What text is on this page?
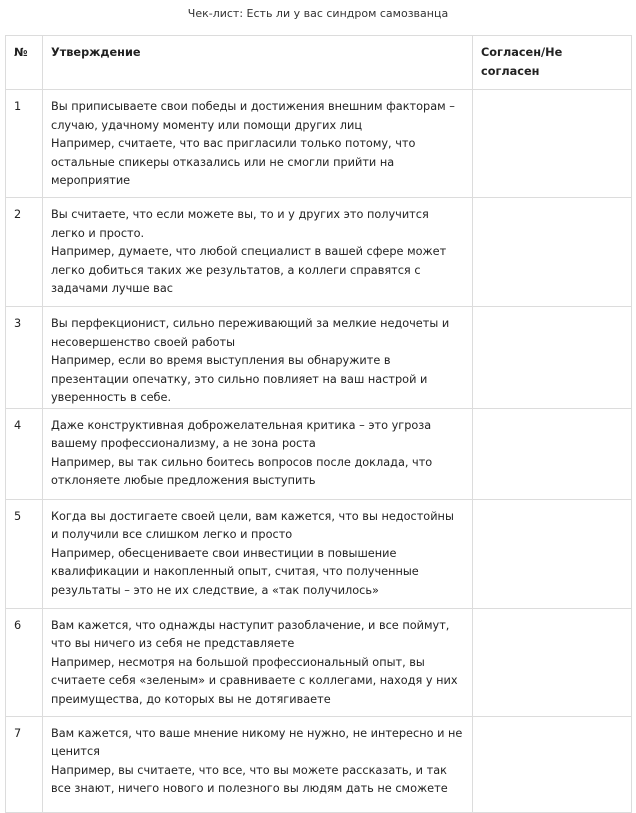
Чек-лист: Есть ли у вас синдром самозванца
№	Утверждение	Согласен/Не согласен
1	Вы приписываете свои победы и достижения внешним факторам – случаю, удачному моменту или помощи других лиц
Например, считаете, что вас пригласили только потому, что остальные спикеры отказались или не смогли прийти на мероприятие	

2	Вы считаете, что если можете вы, то и у других это получится легко и просто.
Например, думаете, что любой специалист в вашей сфере может легко добиться таких же результатов, а коллеги справятся с задачами лучше вас	

3	Вы перфекционист, сильно переживающий за мелкие недочеты и несовершенство своей работы
Например, если во время выступления вы обнаружите в презентации опечатку, это сильно повлияет на ваш настрой и уверенность в себе.	

4	Даже конструктивная доброжелательная критика – это угроза вашему профессионализму, а не зона роста
Например, вы так сильно боитесь вопросов после доклада, что отклоняете любые предложения выступить	

5	Когда вы достигаете своей цели, вам кажется, что вы недостойны и получили все слишком легко и просто
Например, обесцениваете свои инвестиции в повышение квалификации и накопленный опыт, считая, что полученные результаты – это не их следствие, а «так получилось»	

6	Вам кажется, что однажды наступит разоблачение, и все поймут, что вы ничего из себя не представляете
Например, несмотря на большой профессиональный опыт, вы считаете себя «зеленым» и сравниваете с коллегами, находя у них преимущества, до которых вы не дотягиваете	

7	Вам кажется, что ваше мнение никому не нужно, не интересно и не ценится
Например, вы считаете, что все, что вы можете рассказать, и так все знают, ничего нового и полезного вы людям дать не сможете	
